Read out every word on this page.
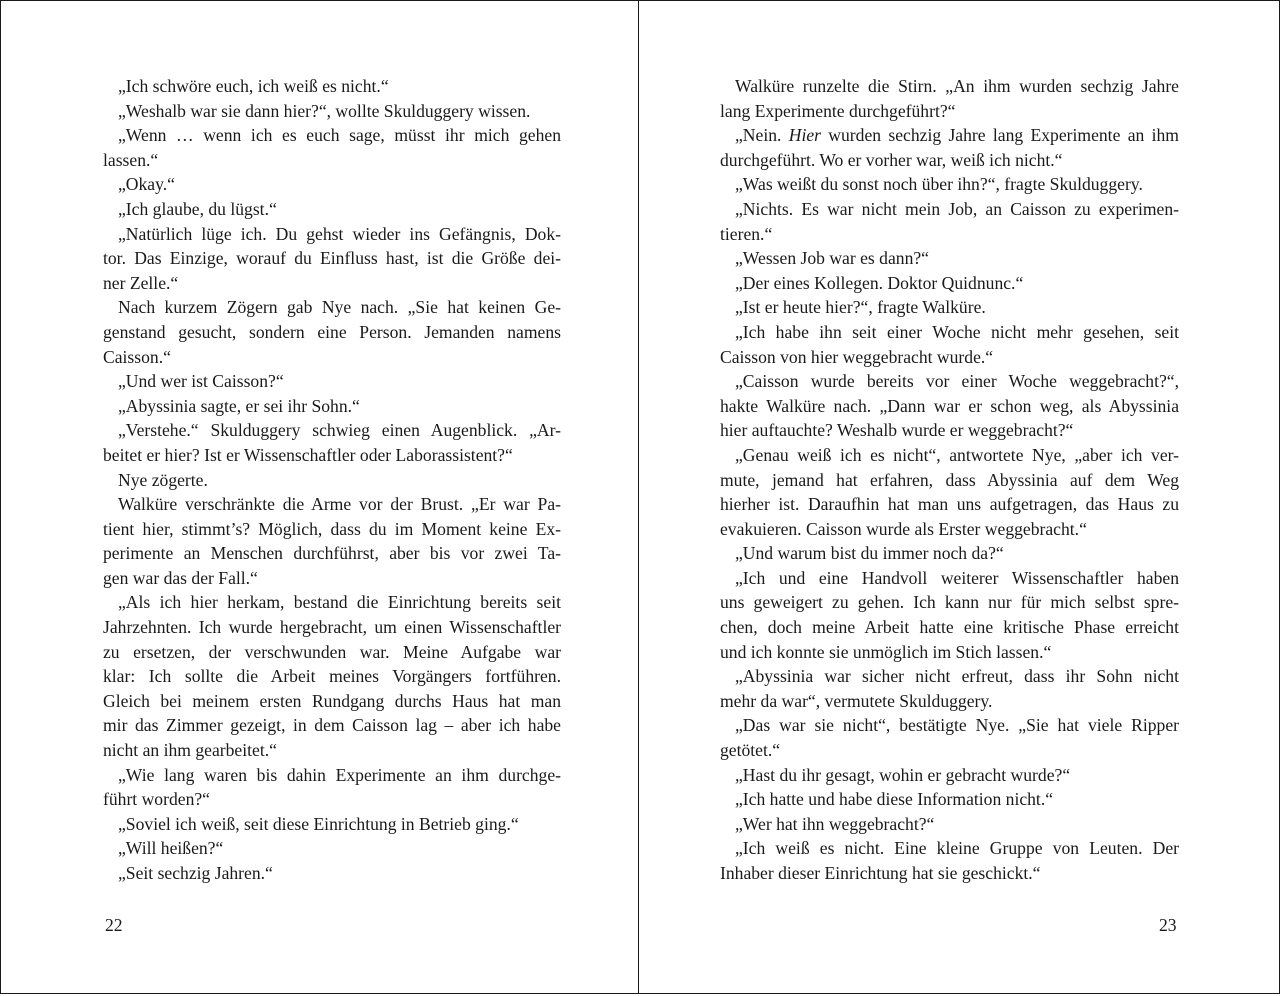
„Ich schwöre euch, ich weiß es nicht.“
„Weshalb war sie dann hier?“, wollte Skulduggery wissen.
„Wenn … wenn ich es euch sage, müsst ihr mich gehen
lassen.“
„Okay.“
„Ich glaube, du lügst.“
„Natürlich lüge ich. Du gehst wieder ins Gefängnis, Dok-
tor. Das Einzige, worauf du Einfluss hast, ist die Größe dei-
ner Zelle.“
Nach kurzem Zögern gab Nye nach. „Sie hat keinen Ge-
genstand gesucht, sondern eine Person. Jemanden namens
Caisson.“
„Und wer ist Caisson?“
„Abyssinia sagte, er sei ihr Sohn.“
„Verstehe.“ Skulduggery schwieg einen Augenblick. „Ar-
beitet er hier? Ist er Wissenschaftler oder Laborassistent?“
Nye zögerte.
Walküre verschränkte die Arme vor der Brust. „Er war Pa-
tient hier, stimmt’s? Möglich, dass du im Moment keine Ex-
perimente an Menschen durchführst, aber bis vor zwei Ta-
gen war das der Fall.“
„Als ich hier herkam, bestand die Einrichtung bereits seit
Jahrzehnten. Ich wurde hergebracht, um einen Wissenschaftler
zu ersetzen, der verschwunden war. Meine Aufgabe war
klar: Ich sollte die Arbeit meines Vorgängers fortführen.
Gleich bei meinem ersten Rundgang durchs Haus hat man
mir das Zimmer gezeigt, in dem Caisson lag – aber ich habe
nicht an ihm gearbeitet.“
„Wie lang waren bis dahin Experimente an ihm durchge-
führt worden?“
„Soviel ich weiß, seit diese Einrichtung in Betrieb ging.“
„Will heißen?“
„Seit sechzig Jahren.“
22
Walküre runzelte die Stirn. „An ihm wurden sechzig Jahre
lang Experimente durchgeführt?“
„Nein. Hier wurden sechzig Jahre lang Experimente an ihm
durchgeführt. Wo er vorher war, weiß ich nicht.“
„Was weißt du sonst noch über ihn?“, fragte Skulduggery.
„Nichts. Es war nicht mein Job, an Caisson zu experimen-
tieren.“
„Wessen Job war es dann?“
„Der eines Kollegen. Doktor Quidnunc.“
„Ist er heute hier?“, fragte Walküre.
„Ich habe ihn seit einer Woche nicht mehr gesehen, seit
Caisson von hier weggebracht wurde.“
„Caisson wurde bereits vor einer Woche weggebracht?“,
hakte Walküre nach. „Dann war er schon weg, als Abyssinia
hier auftauchte? Weshalb wurde er weggebracht?“
„Genau weiß ich es nicht“, antwortete Nye, „aber ich ver-
mute, jemand hat erfahren, dass Abyssinia auf dem Weg
hierher ist. Daraufhin hat man uns aufgetragen, das Haus zu
evakuieren. Caisson wurde als Erster weggebracht.“
„Und warum bist du immer noch da?“
„Ich und eine Handvoll weiterer Wissenschaftler haben
uns geweigert zu gehen. Ich kann nur für mich selbst spre-
chen, doch meine Arbeit hatte eine kritische Phase erreicht
und ich konnte sie unmöglich im Stich lassen.“
„Abyssinia war sicher nicht erfreut, dass ihr Sohn nicht
mehr da war“, vermutete Skulduggery.
„Das war sie nicht“, bestätigte Nye. „Sie hat viele Ripper
getötet.“
„Hast du ihr gesagt, wohin er gebracht wurde?“
„Ich hatte und habe diese Information nicht.“
„Wer hat ihn weggebracht?“
„Ich weiß es nicht. Eine kleine Gruppe von Leuten. Der
Inhaber dieser Einrichtung hat sie geschickt.“
23
